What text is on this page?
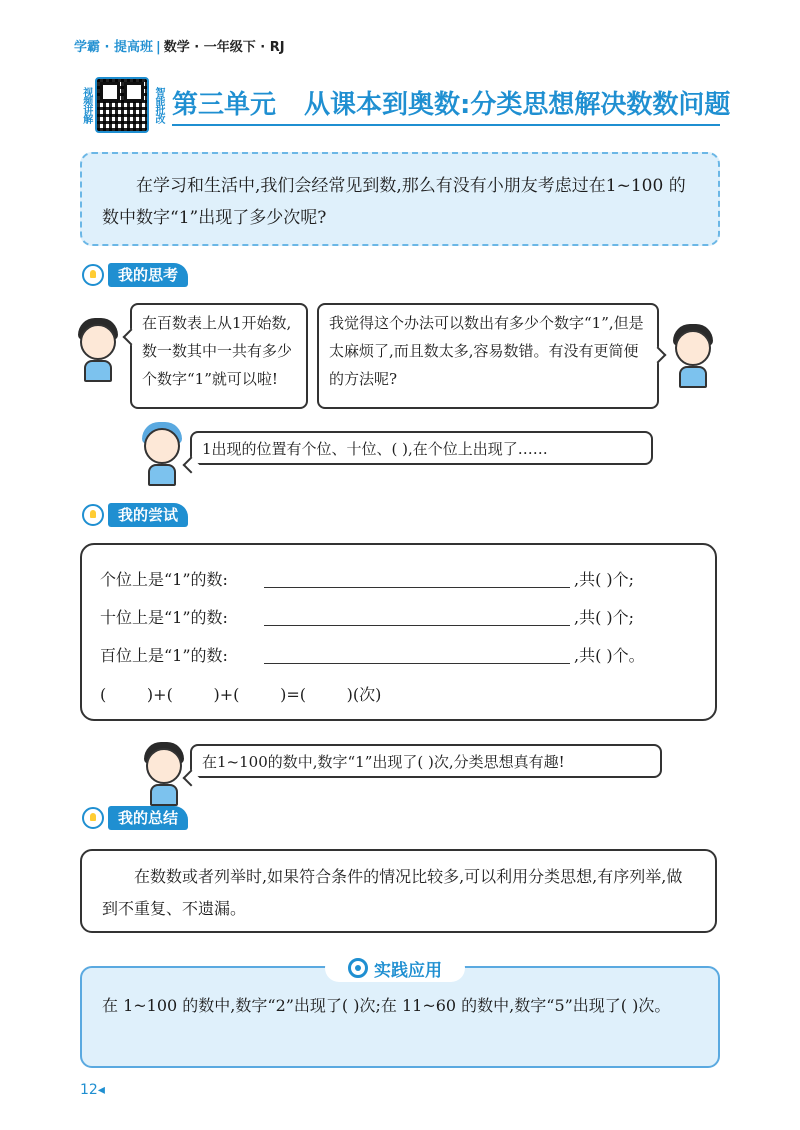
学霸 · 提高班 | 数学 · 一年级下 · RJ
视频讲解	智能批改 第三单元 从课本到奥数:分类思想解决数数问题

在学习和生活中,我们会经常见到数,那么有没有小朋友考虑过在1~100 的数中数字“1”出现了多少次呢?

我的思考
在百数表上从1开始数,数一数其中一共有多少个数字“1”就可以啦!
我觉得这个办法可以数出有多少个数字“1”,但是太麻烦了,而且数太多,容易数错。有没有更简便的方法呢?
1出现的位置有个位、十位、( ),在个位上出现了……
我的尝试
个位上是“1”的数:	,共( )个;
十位上是“1”的数:	,共( )个;
百位上是“1”的数:	,共( )个。
(        )+(        )+(        )=(        )(次)
在1~100的数中,数字“1”出现了( )次,分类思想真有趣!
我的总结

在数数或者列举时,如果符合条件的情况比较多,可以利用分类思想,有序列举,做到不重复、不遗漏。

在 1~100 的数中,数字“2”出现了( )次;在 11~60 的数中,数字“5”出现了( )次。

实践应用
12◂
